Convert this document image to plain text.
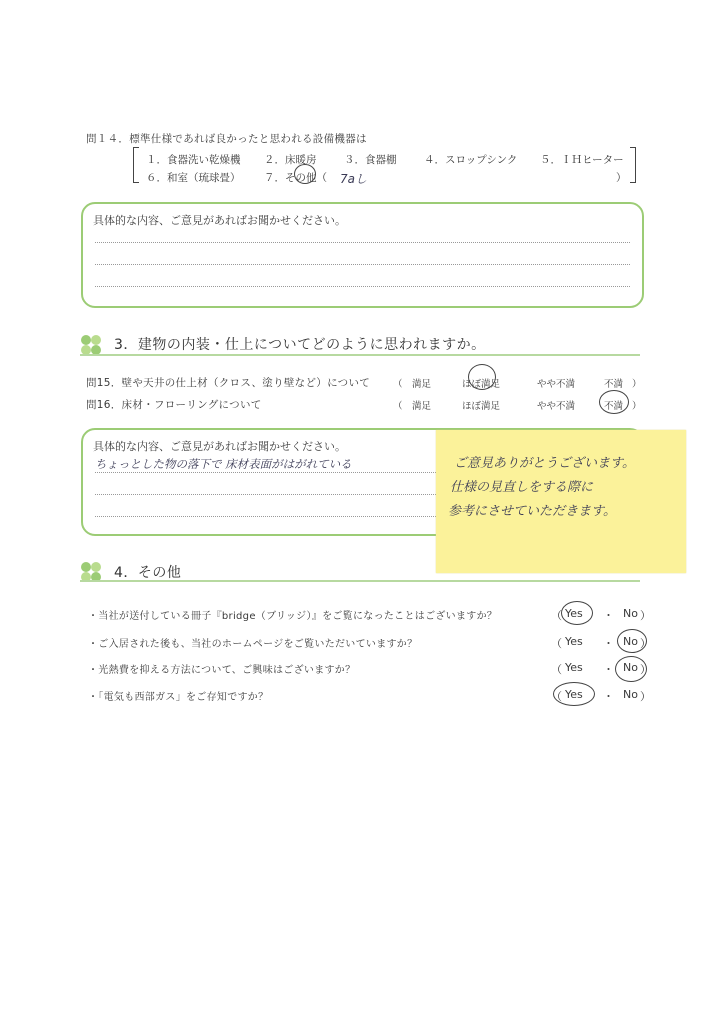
問１４．標準仕様であれば良かったと思われる設備機器は
１．食器洗い乾燥機 ２．床暖房	３．食器棚	４．スロップシンク ５．ＩＨヒーター
６．和室（琉球畳） ７．その他（	）
7aし
具体的な内容、ご意見があればお聞かせください。
3．建物の内装・仕上についてどのように思われますか。
問15．壁や天井の仕上材（クロス、塗り壁など）について （ 満足	ほぼ満足	やや不満	不満 ）
問16．床材・フローリングについて	（ 満足	ほぼ満足	やや不満	不満 ）
具体的な内容、ご意見があればお聞かせください。
ちょっとした物の落下で 床材表面がはがれている	ご意見ありがとうございます。
仕様の見直しをする際に
参考にさせていただきます。
4．その他
・当社が送付している冊子『bridge（ブリッジ）』をご覧になったことはございますか？	（ Yes ・ No ）
・ご入居された後も、当社のホームページをご覧いただいていますか？	（ Yes ・ No ）
・光熱費を抑える方法について、ご興味はございますか？	（ Yes ・ No ）
・「電気も西部ガス」をご存知ですか？	（ Yes ・ No ）
